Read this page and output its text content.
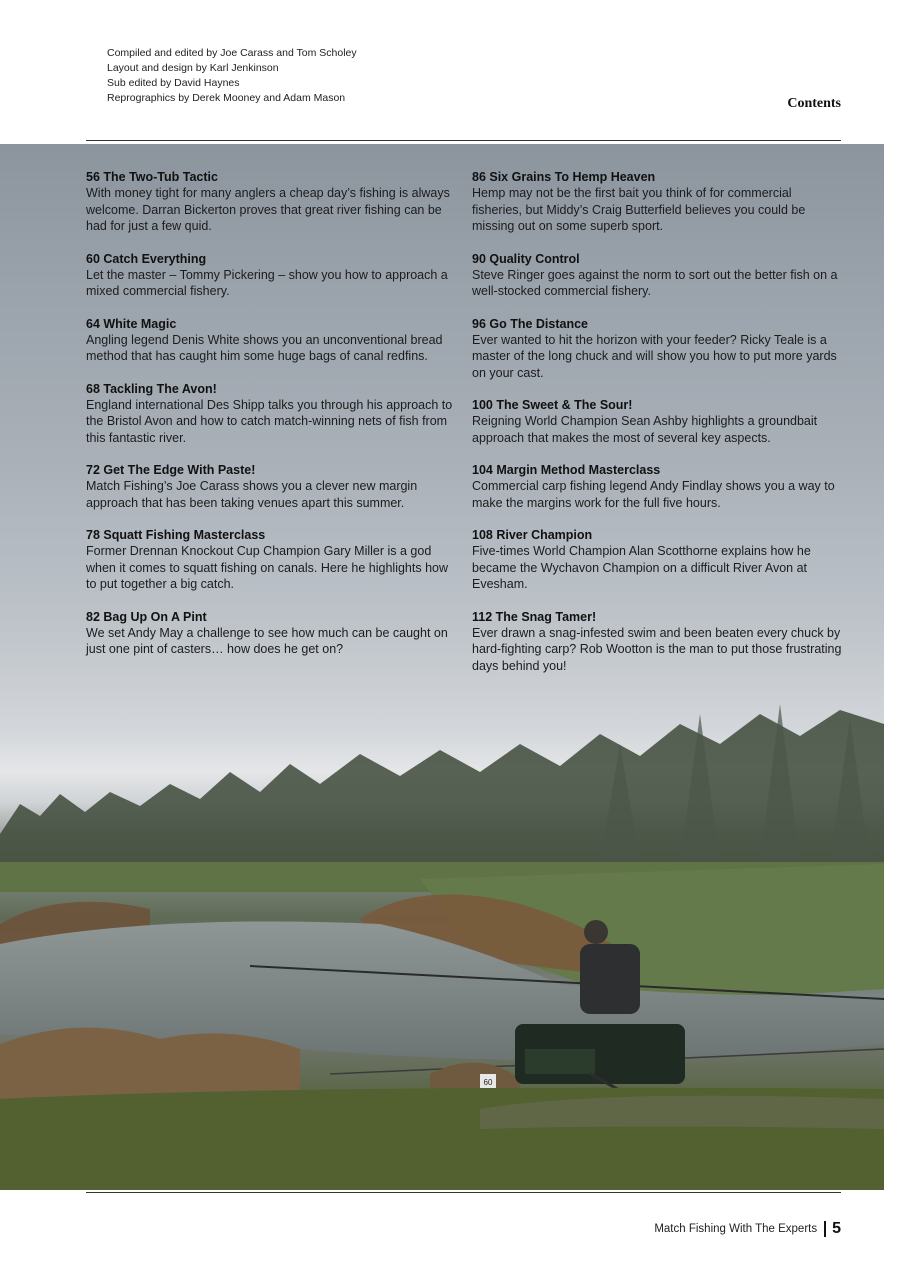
Compiled and edited by Joe Carass and Tom Scholey
Layout and design by Karl Jenkinson
Sub edited by David Haynes
Reprographics by Derek Mooney and Adam Mason	Contents
60
56 The Two-Tub Tactic
With money tight for many anglers a cheap day’s fishing is always welcome. Darran Bickerton proves that great river fishing can be had for just a few quid.
60 Catch Everything
Let the master – Tommy Pickering – show you how to approach a mixed commercial fishery.
64 White Magic
Angling legend Denis White shows you an unconventional bread method that has caught him some huge bags of canal redfins.
68 Tackling The Avon!
England international Des Shipp talks you through his approach to the Bristol Avon and how to catch match-winning nets of fish from this fantastic river.
72 Get The Edge With Paste!
Match Fishing’s Joe Carass shows you a clever new margin approach that has been taking venues apart this summer.
78 Squatt Fishing Masterclass
Former Drennan Knockout Cup Champion Gary Miller is a god when it comes to squatt fishing on canals. Here he highlights how to put together a big catch.
82 Bag Up On A Pint
We set Andy May a challenge to see how much can be caught on just one pint of casters… how does he get on?
86 Six Grains To Hemp Heaven
Hemp may not be the first bait you think of for commercial fisheries, but Middy’s Craig Butterfield believes you could be missing out on some superb sport.
90 Quality Control
Steve Ringer goes against the norm to sort out the better fish on a well-stocked commercial fishery.
96 Go The Distance
Ever wanted to hit the horizon with your feeder? Ricky Teale is a master of the long chuck and will show you how to put more yards on your cast.
100 The Sweet & The Sour!
Reigning World Champion Sean Ashby highlights a groundbait approach that makes the most of several key aspects.
104 Margin Method Masterclass
Commercial carp fishing legend Andy Findlay shows you a way to make the margins work for the full five hours.
108 River Champion
Five-times World Champion Alan Scotthorne explains how he became the Wychavon Champion on a difficult River Avon at Evesham.
112 The Snag Tamer!
Ever drawn a snag-infested swim and been beaten every chuck by hard-fighting carp? Rob Wootton is the man to put those frustrating days behind you!
Match Fishing With The Experts 5
